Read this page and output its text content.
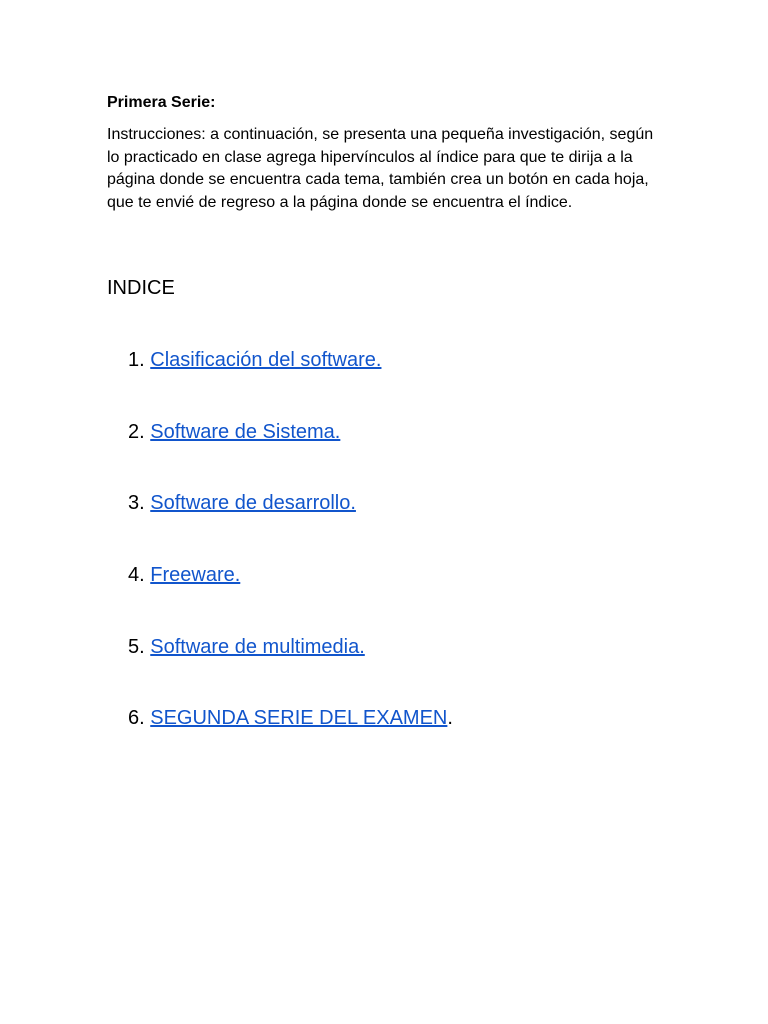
Primera Serie:

Instrucciones: a continuación, se presenta una pequeña investigación, según lo practicado en clase agrega hipervínculos al índice para que te dirija a la página donde se encuentra cada tema, también crea un botón en cada hoja, que te envié de regreso a la página donde se encuentra el índice.

INDICE

1. Clasificación del software.
2. Software de Sistema.
3. Software de desarrollo.
4. Freeware.
5. Software de multimedia.
6. SEGUNDA SERIE DEL EXAMEN.
